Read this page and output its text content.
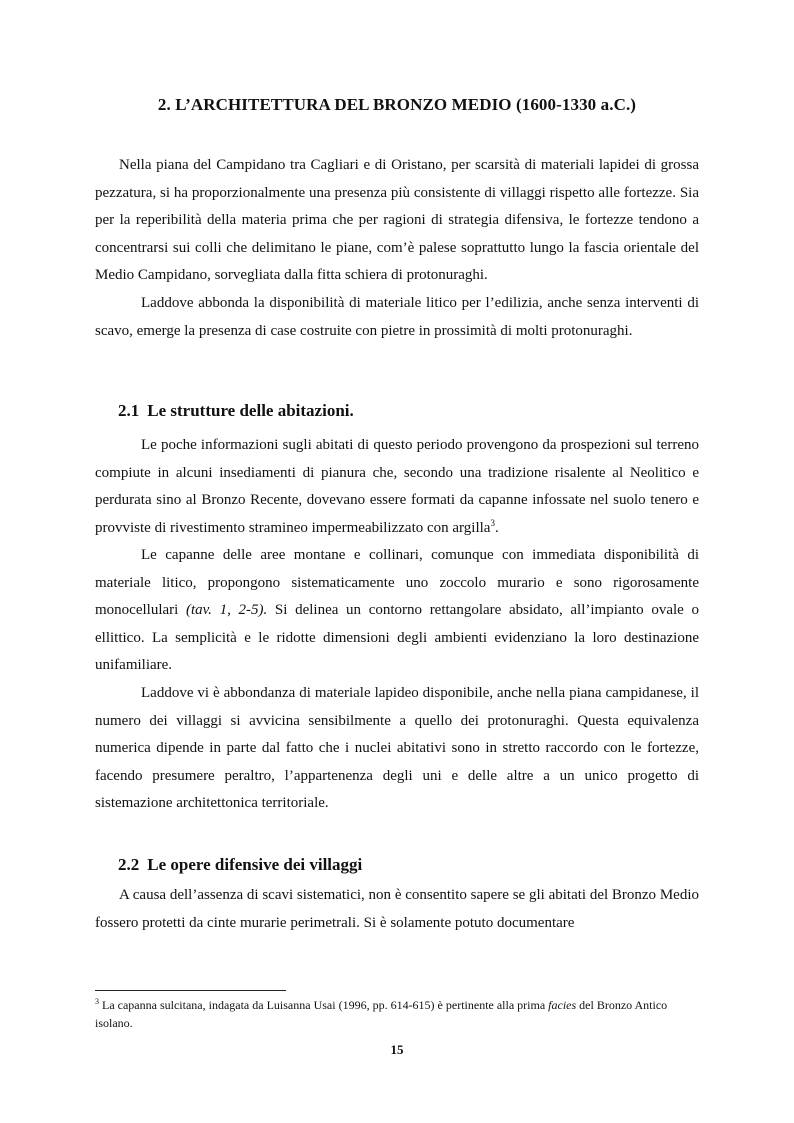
2. L’ARCHITETTURA DEL BRONZO MEDIO (1600-1330 a.C.)

Nella piana del Campidano tra Cagliari e di Oristano, per scarsità di materiali lapidei di grossa pezzatura, si ha proporzionalmente una presenza più consistente di villaggi rispetto alle fortezze. Sia per la reperibilità della materia prima che per ragioni di strategia difensiva, le fortezze tendono a concentrarsi sui colli che delimitano le piane, com’è palese soprattutto lungo la fascia orientale del Medio Campidano, sorvegliata dalla fitta schiera di protonuraghi.

Laddove abbonda la disponibilità di materiale litico per l’edilizia, anche senza interventi di scavo, emerge la presenza di case costruite con pietre in prossimità di molti protonuraghi.

2.1 Le strutture delle abitazioni.

Le poche informazioni sugli abitati di questo periodo provengono da prospezioni sul terreno compiute in alcuni insediamenti di pianura che, secondo una tradizione risalente al Neolitico e perdurata sino al Bronzo Recente, dovevano essere formati da capanne infossate nel suolo tenero e provviste di rivestimento stramineo impermeabilizzato con argilla$^3$.

Le capanne delle aree montane e collinari, comunque con immediata disponibilità di materiale litico, propongono sistematicamente uno zoccolo murario e sono rigorosamente monocellulari (tav. 1, 2-5). Si delinea un contorno rettangolare absidato, all’impianto ovale o ellittico. La semplicità e le ridotte dimensioni degli ambienti evidenziano la loro destinazione unifamiliare.

Laddove vi è abbondanza di materiale lapideo disponibile, anche nella piana campidanese, il numero dei villaggi si avvicina sensibilmente a quello dei protonuraghi. Questa equivalenza numerica dipende in parte dal fatto che i nuclei abitativi sono in stretto raccordo con le fortezze, facendo presumere peraltro, l’appartenenza degli uni e delle altre a un unico progetto di sistemazione architettonica territoriale.

2.2 Le opere difensive dei villaggi

A causa dell’assenza di scavi sistematici, non è consentito sapere se gli abitati del Bronzo Medio fossero protetti da cinte murarie perimetrali. Si è solamente potuto documentare

$^3$ La capanna sulcitana, indagata da Luisanna Usai (1996, pp. 614-615) è pertinente alla prima facies del Bronzo Antico isolano.

15
